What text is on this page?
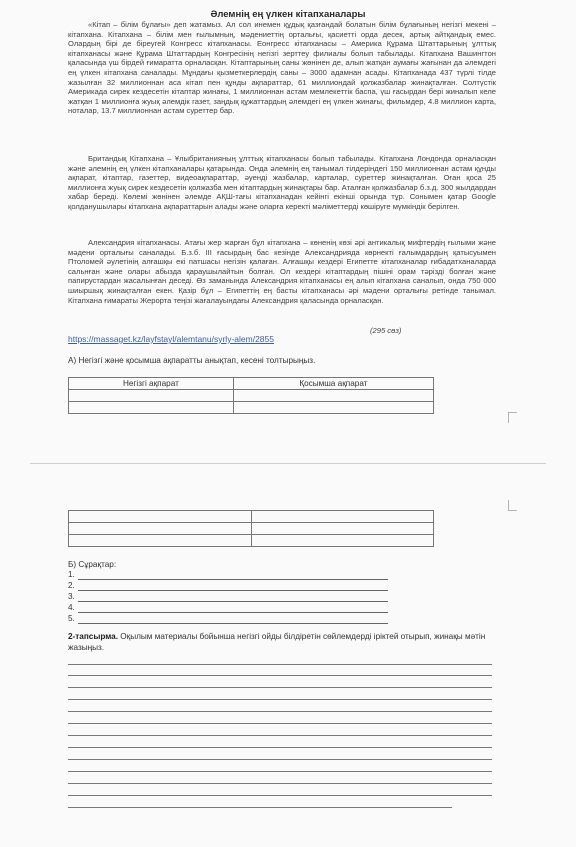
Әлемнің ең үлкен кітапханалары
«Кітап – білім бұлағы» деп жатамыз. Ал сол инемен құдық қазғандай болатын білім бұлағының негізгі мекені – кітапхана. Кітапхана – білім мен ғылымның, мәдениеттің ортальғы, қасиетті орда десек, артық айтқандық емес. Олардың бірі де біреугей Конгресс кітапханасы. Еонгресс кітапханасы – Америка Құрама Штаттарының ұлттық кітапханасы және Құрама Штаттардың Конгресінің негізгі зерттеу филиалы болып табылады. Кітапхана Вашингтон қаласында үш бірдей ғимаратта орналасқан. Кітаптарының саны жөнінен де, алып жатқан аумағы жағынан да әлемдегі ең үлкен кітапхана саналады. Мұндағы қызметкерлердің саны – 3000 адамнан асады. Кітапханада 437 түрлі тілде жазылған 32 миллионнан аса кітап пен құнды ақпараттар, 61 миллиондай қолжазбалар жинақталған. Солтүстік Америкада сирек кездесетін кітаптар жинағы, 1 миллионнан астам мемлекеттік баспа, үш ғасырдан бері жиналып келе жатқан 1 миллионға жуық әлемдік газет, заңдық құжаттардың әлемдегі ең үлкен жинағы, фильмдер, 4.8 миллион карта, ноталар, 13.7 миллионнан астам суреттер бар.
Британдық Кітапхана – Ұлыбританияның ұлттық кітапханасы болып табылады. Кітапхана Лондонда орналасқан және әлемнің ең үлкен кітапханалары қатарында. Онда әлемнің ең танымал тілдеріндегі 150 миллионнан астам құнды ақпарат, кітаптар, газеттер, видеоақпараттар, әуенді жазбалар, карталар, суреттер жинақталған. Оған қоса 25 миллионға жуық сирек кездесетін қолжазба мен кітаптардың жинақтары бар. Аталған қолжазбалар б.з.д. 300 жылдардан хабар береді. Көлемі жөнінен әлемде АҚШ-тағы кітапханадан кейінгі екінші орында тұр. Сонымен қатар Google қолданушылары кітапхана ақпараттарын алады және оларға керекті мәліметтерді көшіруге мүмкіндік берілген.
Александрия кітапханасы. Атағы жер жарған бұл кітапхана – көненің көзі әрі антикалық мифтердің ғылыми және мәдени орталығы саналады. Б.з.б. III ғасырдың бас кезінде Александрияда көрнекті ғалымдардың қатысуымен Птоломей әулетінің алғашқы екі патшасы негізін қалаған. Алғашқы кездері Египетте кітапханалар ғибадатханаларда сальнған және олары абызда қараушылайтын болған. Ол кездері кітаптардың пішіні орам тәрізді болған және папирустардан жасалынған деседі. Өз заманында Александрия кітапханасы ең алып кітапхана саналып, онда 750 000 шиыршық жинақталған екен. Қазір бұл – Египеттің ең басты кітапханасы әрі мәдени орталығы ретінде танымал. Кітапхана ғимараты Жерорта теңізі жағалауындағы Александрия қаласында орналасқан.
(295 сөз)
https://massaget.kz/layfstayl/alemtanu/syrly-alem/2855
А) Негізгі және қосымша ақпаратты анықтап, кесені толтырыңыз.
Негізгі ақпарат	Қосымша ақпарат

Б) Сұрақтар:
1.
2.
3.
4.
5.
2-тапсырма. Оқылым материалы бойынша негізгі ойды білдіретін сөйлемдерді іріктей отырып, жинақы мәтін жазыңыз.
